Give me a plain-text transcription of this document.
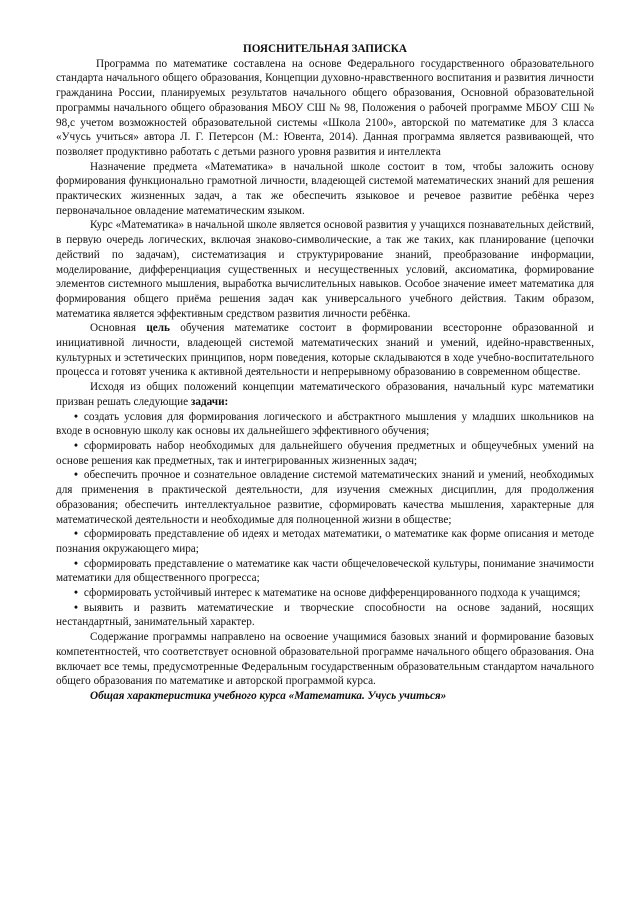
ПОЯСНИТЕЛЬНАЯ ЗАПИСКА

Программа по математике составлена на основе Федерального государственного образовательного стандарта начального общего образования, Концепции духовно-нравственного воспитания и развития личности гражданина России, планируемых результатов начального общего образования, Основной образовательной программы начального общего образования МБОУ СШ № 98, Положения о рабочей программе МБОУ СШ № 98,с учетом возможностей образовательной системы «Школа 2100», авторской по математике для 3 класса «Учусь учиться» автора Л. Г. Петерсон (М.: Ювента, 2014). Данная программа является развивающей, что позволяет продуктивно работать с детьми разного уровня развития и интеллекта

Назначение предмета «Математика» в начальной школе состоит в том, чтобы заложить основу формирования функционально грамотной личности, владеющей системой математических знаний для решения практических жизненных задач, а так же обеспечить языковое и речевое развитие ребёнка через первоначальное овладение математическим языком.

Курс «Математика» в начальной школе является основой развития у учащихся познавательных действий, в первую очередь логических, включая знаково-символические, а так же таких, как планирование (цепочки действий по задачам), систематизация и структурирование знаний, преобразование информации, моделирование, дифференциация существенных и несущественных условий, аксиоматика, формирование элементов системного мышления, выработка вычислительных навыков. Особое значение имеет математика для формирования общего приёма решения задач как универсального учебного действия. Таким образом, математика является эффективным средством развития личности ребёнка.

Основная цель обучения математике состоит в формировании всесторонне образованной и инициативной личности, владеющей системой математических знаний и умений, идейно-нравственных, культурных и эстетических принципов, норм поведения, которые складываются в ходе учебно-воспитательного процесса и готовят ученика к активной деятельности и непрерывному образованию в современном обществе.

Исходя из общих положений концепции математического образования, начальный курс математики призван решать следующие задачи:

• создать условия для формирования логического и абстрактного мышления у младших школьников на входе в основную школу как основы их дальнейшего эффективного обучения;

• сформировать набор необходимых для дальнейшего обучения предметных и общеучебных умений на основе решения как предметных, так и интегрированных жизненных задач;

• обеспечить прочное и сознательное овладение системой математических знаний и умений, необходимых для применения в практической деятельности, для изучения смежных дисциплин, для продолжения образования; обеспечить интеллектуальное развитие, сформировать качества мышления, характерные для математической деятельности и необходимые для полноценной жизни в обществе;

• сформировать представление об идеях и методах математики, о математике как форме описания и методе познания окружающего мира;

• сформировать представление о математике как части общечеловеческой культуры, понимание значимости математики для общественного прогресса;

• сформировать устойчивый интерес к математике на основе дифференцированного подхода к учащимся;

• выявить и развить математические и творческие способности на основе заданий, носящих нестандартный, занимательный характер.

Содержание программы направлено на освоение учащимися базовых знаний и формирование базовых компетентностей, что соответствует основной образовательной программе начального общего образования. Она включает все темы, предусмотренные Федеральным государственным образовательным стандартом начального общего образования по математике и авторской программой курса.

Общая характеристика учебного курса «Математика. Учусь учиться»
